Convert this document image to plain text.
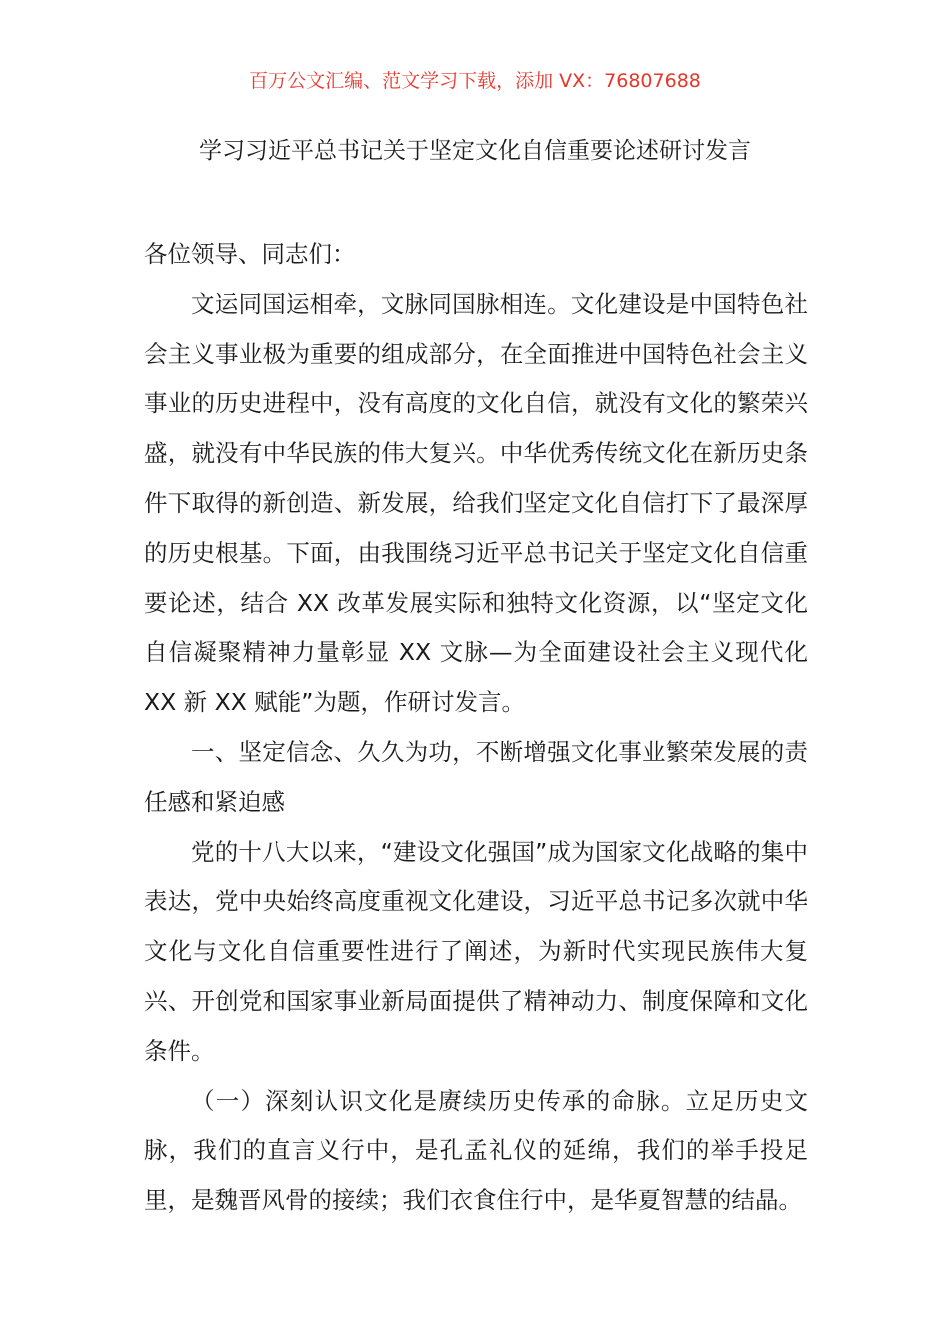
百万公文汇编、范文学习下载，添加 VX：76807688
学习习近平总书记关于坚定文化自信重要论述研讨发言

各位领导、同志们：

文运同国运相牵，文脉同国脉相连。文化建设是中国特色社会主义事业极为重要的组成部分，在全面推进中国特色社会主义事业的历史进程中，没有高度的文化自信，就没有文化的繁荣兴盛，就没有中华民族的伟大复兴。中华优秀传统文化在新历史条件下取得的新创造、新发展，给我们坚定文化自信打下了最深厚的历史根基。下面，由我围绕习近平总书记关于坚定文化自信重要论述，结合 XX 改革发展实际和独特文化资源，以“坚定文化自信凝聚精神力量彰显 XX 文脉—为全面建设社会主义现代化 XX 新 XX 赋能”为题，作研讨发言。

一、坚定信念、久久为功，不断增强文化事业繁荣发展的责任感和紧迫感

党的十八大以来，“建设文化强国”成为国家文化战略的集中表达，党中央始终高度重视文化建设，习近平总书记多次就中华文化与文化自信重要性进行了阐述，为新时代实现民族伟大复兴、开创党和国家事业新局面提供了精神动力、制度保障和文化条件。

（一）深刻认识文化是赓续历史传承的命脉。立足历史文脉，我们的直言义行中，是孔孟礼仪的延绵，我们的举手投足里，是魏晋风骨的接续；我们衣食住行中，是华夏智慧的结晶。
